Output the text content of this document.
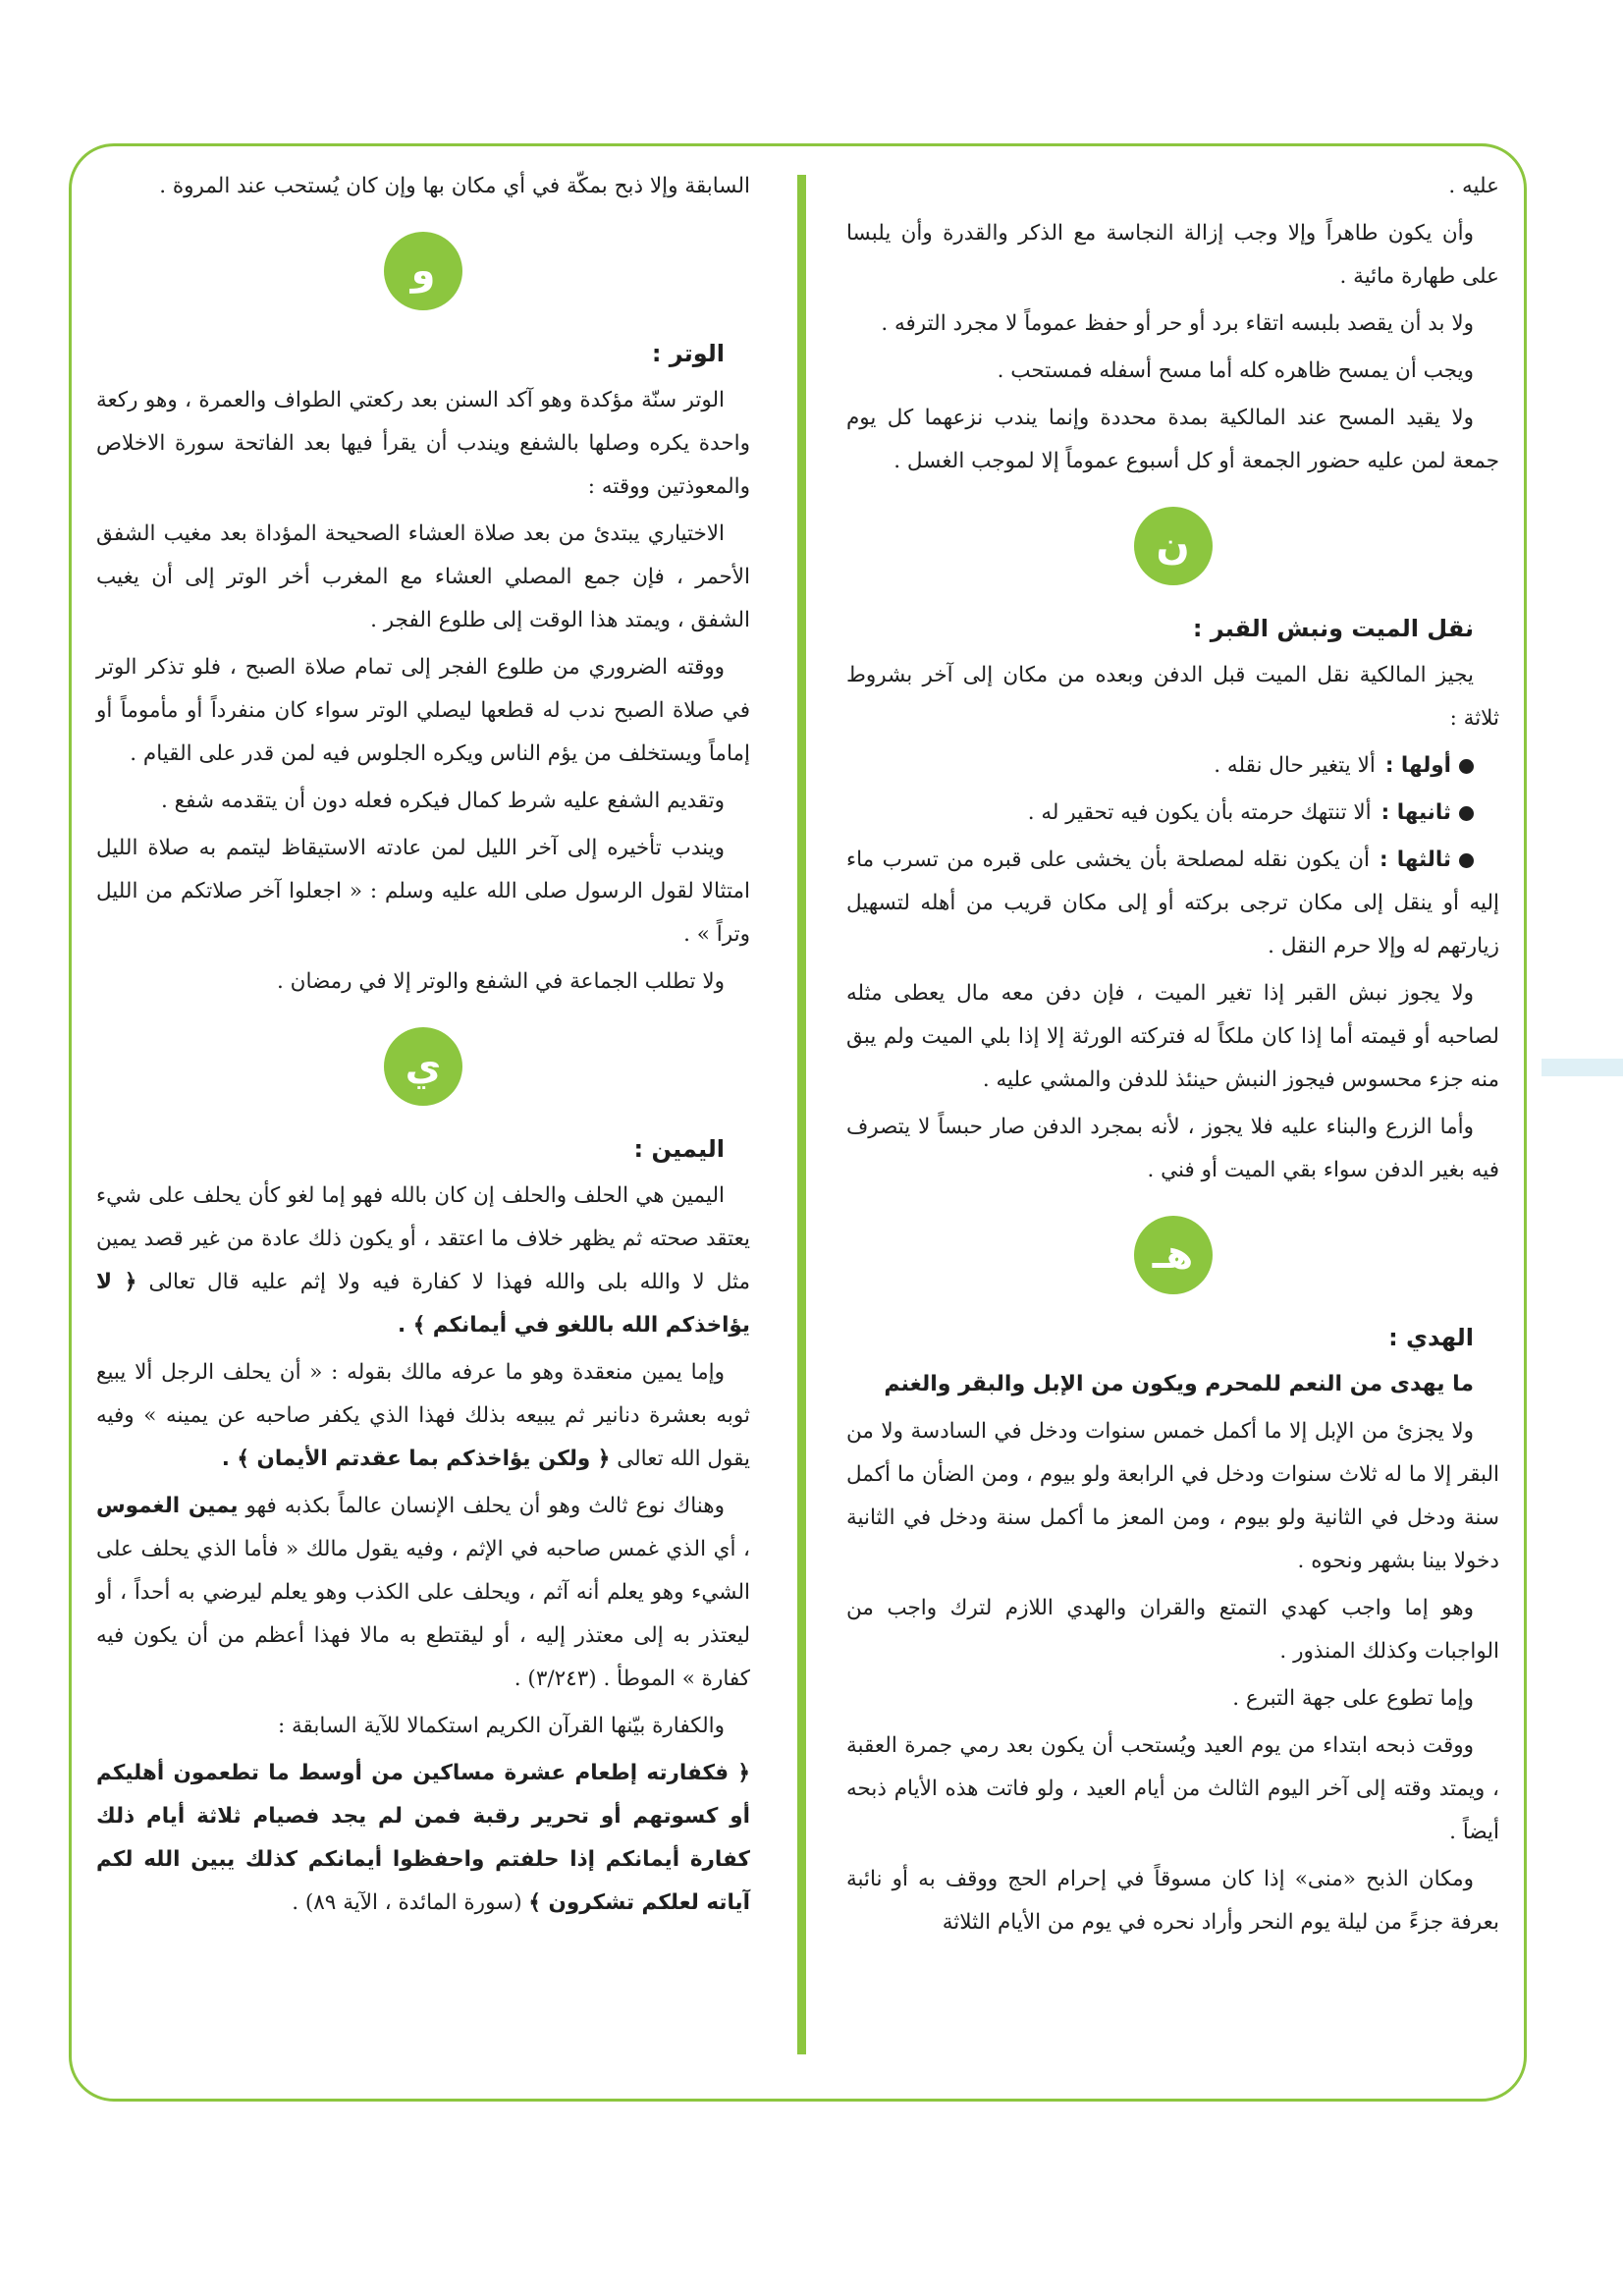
عليه .

وأن يكون طاهراً وإلا وجب إزالة النجاسة مع الذكر والقدرة وأن يلبسا على طهارة مائية .

ولا بد أن يقصد بلبسه اتقاء برد أو حر أو حفظ عموماً لا مجرد الترفه .

ويجب أن يمسح ظاهره كله أما مسح أسفله فمستحب .

ولا يقيد المسح عند المالكية بمدة محددة وإنما يندب نزعهما كل يوم جمعة لمن عليه حضور الجمعة أو كل أسبوع عموماً إلا لموجب الغسل .

ن

نقل الميت ونبش القبر :

يجيز المالكية نقل الميت قبل الدفن وبعده من مكان إلى آخر بشروط ثلاثة :

أولها :ألا يتغير حال نقله .

ثانيها :ألا تنتهك حرمته بأن يكون فيه تحقير له .

ثالثها :أن يكون نقله لمصلحة بأن يخشى على قبره من تسرب ماء إليه أو ينقل إلى مكان ترجى بركته أو إلى مكان قريب من أهله لتسهيل زيارتهم له وإلا حرم النقل .

ولا يجوز نبش القبر إذا تغير الميت ، فإن دفن معه مال يعطى مثله لصاحبه أو قيمته أما إذا كان ملكاً له فتركته الورثة إلا إذا بلي الميت ولم يبق منه جزء محسوس فيجوز النبش حينئذ للدفن والمشي عليه .

وأما الزرع والبناء عليه فلا يجوز ، لأنه بمجرد الدفن صار حبساً لا يتصرف فيه بغير الدفن سواء بقي الميت أو فني .

هـ

الهدي :

ما يهدى من النعم للمحرم ويكون من الإبل والبقر والغنم

ولا يجزئ من الإبل إلا ما أكمل خمس سنوات ودخل في السادسة ولا من البقر إلا ما له ثلاث سنوات ودخل في الرابعة ولو بيوم ، ومن الضأن ما أكمل سنة ودخل في الثانية ولو بيوم ، ومن المعز ما أكمل سنة ودخل في الثانية دخولا بينا بشهر ونحوه .

وهو إما واجب كهدي التمتع والقران والهدي اللازم لترك واجب من الواجبات وكذلك المنذور .

وإما تطوع على جهة التبرع .

ووقت ذبحه ابتداء من يوم العيد ويُستحب أن يكون بعد رمي جمرة العقبة ، ويمتد وقته إلى آخر اليوم الثالث من أيام العيد ، ولو فاتت هذه الأيام ذبحه أيضاً .

ومكان الذبح «منى» إذا كان مسوقاً في إحرام الحج ووقف به أو نائبة بعرفة جزءً من ليلة يوم النحر وأراد نحره في يوم من الأيام الثلاثة

السابقة وإلا ذبح بمكّة في أي مكان بها وإن كان يُستحب عند المروة .

و

الوتر :

الوتر سنّة مؤكدة وهو آكد السنن بعد ركعتي الطواف والعمرة ، وهو ركعة واحدة يكره وصلها بالشفع ويندب أن يقرأ فيها بعد الفاتحة سورة الاخلاص والمعوذتين ووقته :

الاختياري يبتدئ من بعد صلاة العشاء الصحيحة المؤداة بعد مغيب الشفق الأحمر ، فإن جمع المصلي العشاء مع المغرب أخر الوتر إلى أن يغيب الشفق ، ويمتد هذا الوقت إلى طلوع الفجر .

ووقته الضروري من طلوع الفجر إلى تمام صلاة الصبح ، فلو تذكر الوتر في صلاة الصبح ندب له قطعها ليصلي الوتر سواء كان منفرداً أو مأموماً أو إماماً ويستخلف من يؤم الناس ويكره الجلوس فيه لمن قدر على القيام .

وتقديم الشفع عليه شرط كمال فيكره فعله دون أن يتقدمه شفع .

ويندب تأخيره إلى آخر الليل لمن عادته الاستيقاظ ليتمم به صلاة الليل امتثالا لقول الرسول صلى الله عليه وسلم : « اجعلوا آخر صلاتكم من الليل وتراً » .

ولا تطلب الجماعة في الشفع والوتر إلا في رمضان .

ي

اليمين :

اليمين هي الحلف والحلف إن كان بالله فهو إما لغو كأن يحلف على شيء يعتقد صحته ثم يظهر خلاف ما اعتقد ، أو يكون ذلك عادة من غير قصد يمين مثل لا والله بلى والله فهذا لا كفارة فيه ولا إثم عليه قال تعالى ﴿ لا يؤاخذكم الله باللغو في أيمانكم ﴾ .

وإما يمين منعقدة وهو ما عرفه مالك بقوله : « أن يحلف الرجل ألا يبيع ثوبه بعشرة دنانير ثم يبيعه بذلك فهذا الذي يكفر صاحبه عن يمينه » وفيه يقول الله تعالى ﴿ ولكن يؤاخذكم بما عقدتم الأيمان ﴾ .

وهناك نوع ثالث وهو أن يحلف الإنسان عالماً بكذبه فهو يمين الغموس ، أي الذي غمس صاحبه في الإثم ، وفيه يقول مالك « فأما الذي يحلف على الشيء وهو يعلم أنه آثم ، ويحلف على الكذب وهو يعلم ليرضي به أحداً ، أو ليعتذر به إلى معتذر إليه ، أو ليقتطع به مالا فهذا أعظم من أن يكون فيه كفارة » الموطأ . (٣/٢٤٣) .

والكفارة بيّنها القرآن الكريم استكمالا للآية السابقة :

﴿ فكفارته إطعام عشرة مساكين من أوسط ما تطعمون أهليكم أو كسوتهم أو تحرير رقبة فمن لم يجد فصيام ثلاثة أيام ذلك كفارة أيمانكم إذا حلفتم واحفظوا أيمانكم كذلك يبين الله لكم آياته لعلكم تشكرون ﴾ (سورة المائدة ، الآية ٨٩) .
